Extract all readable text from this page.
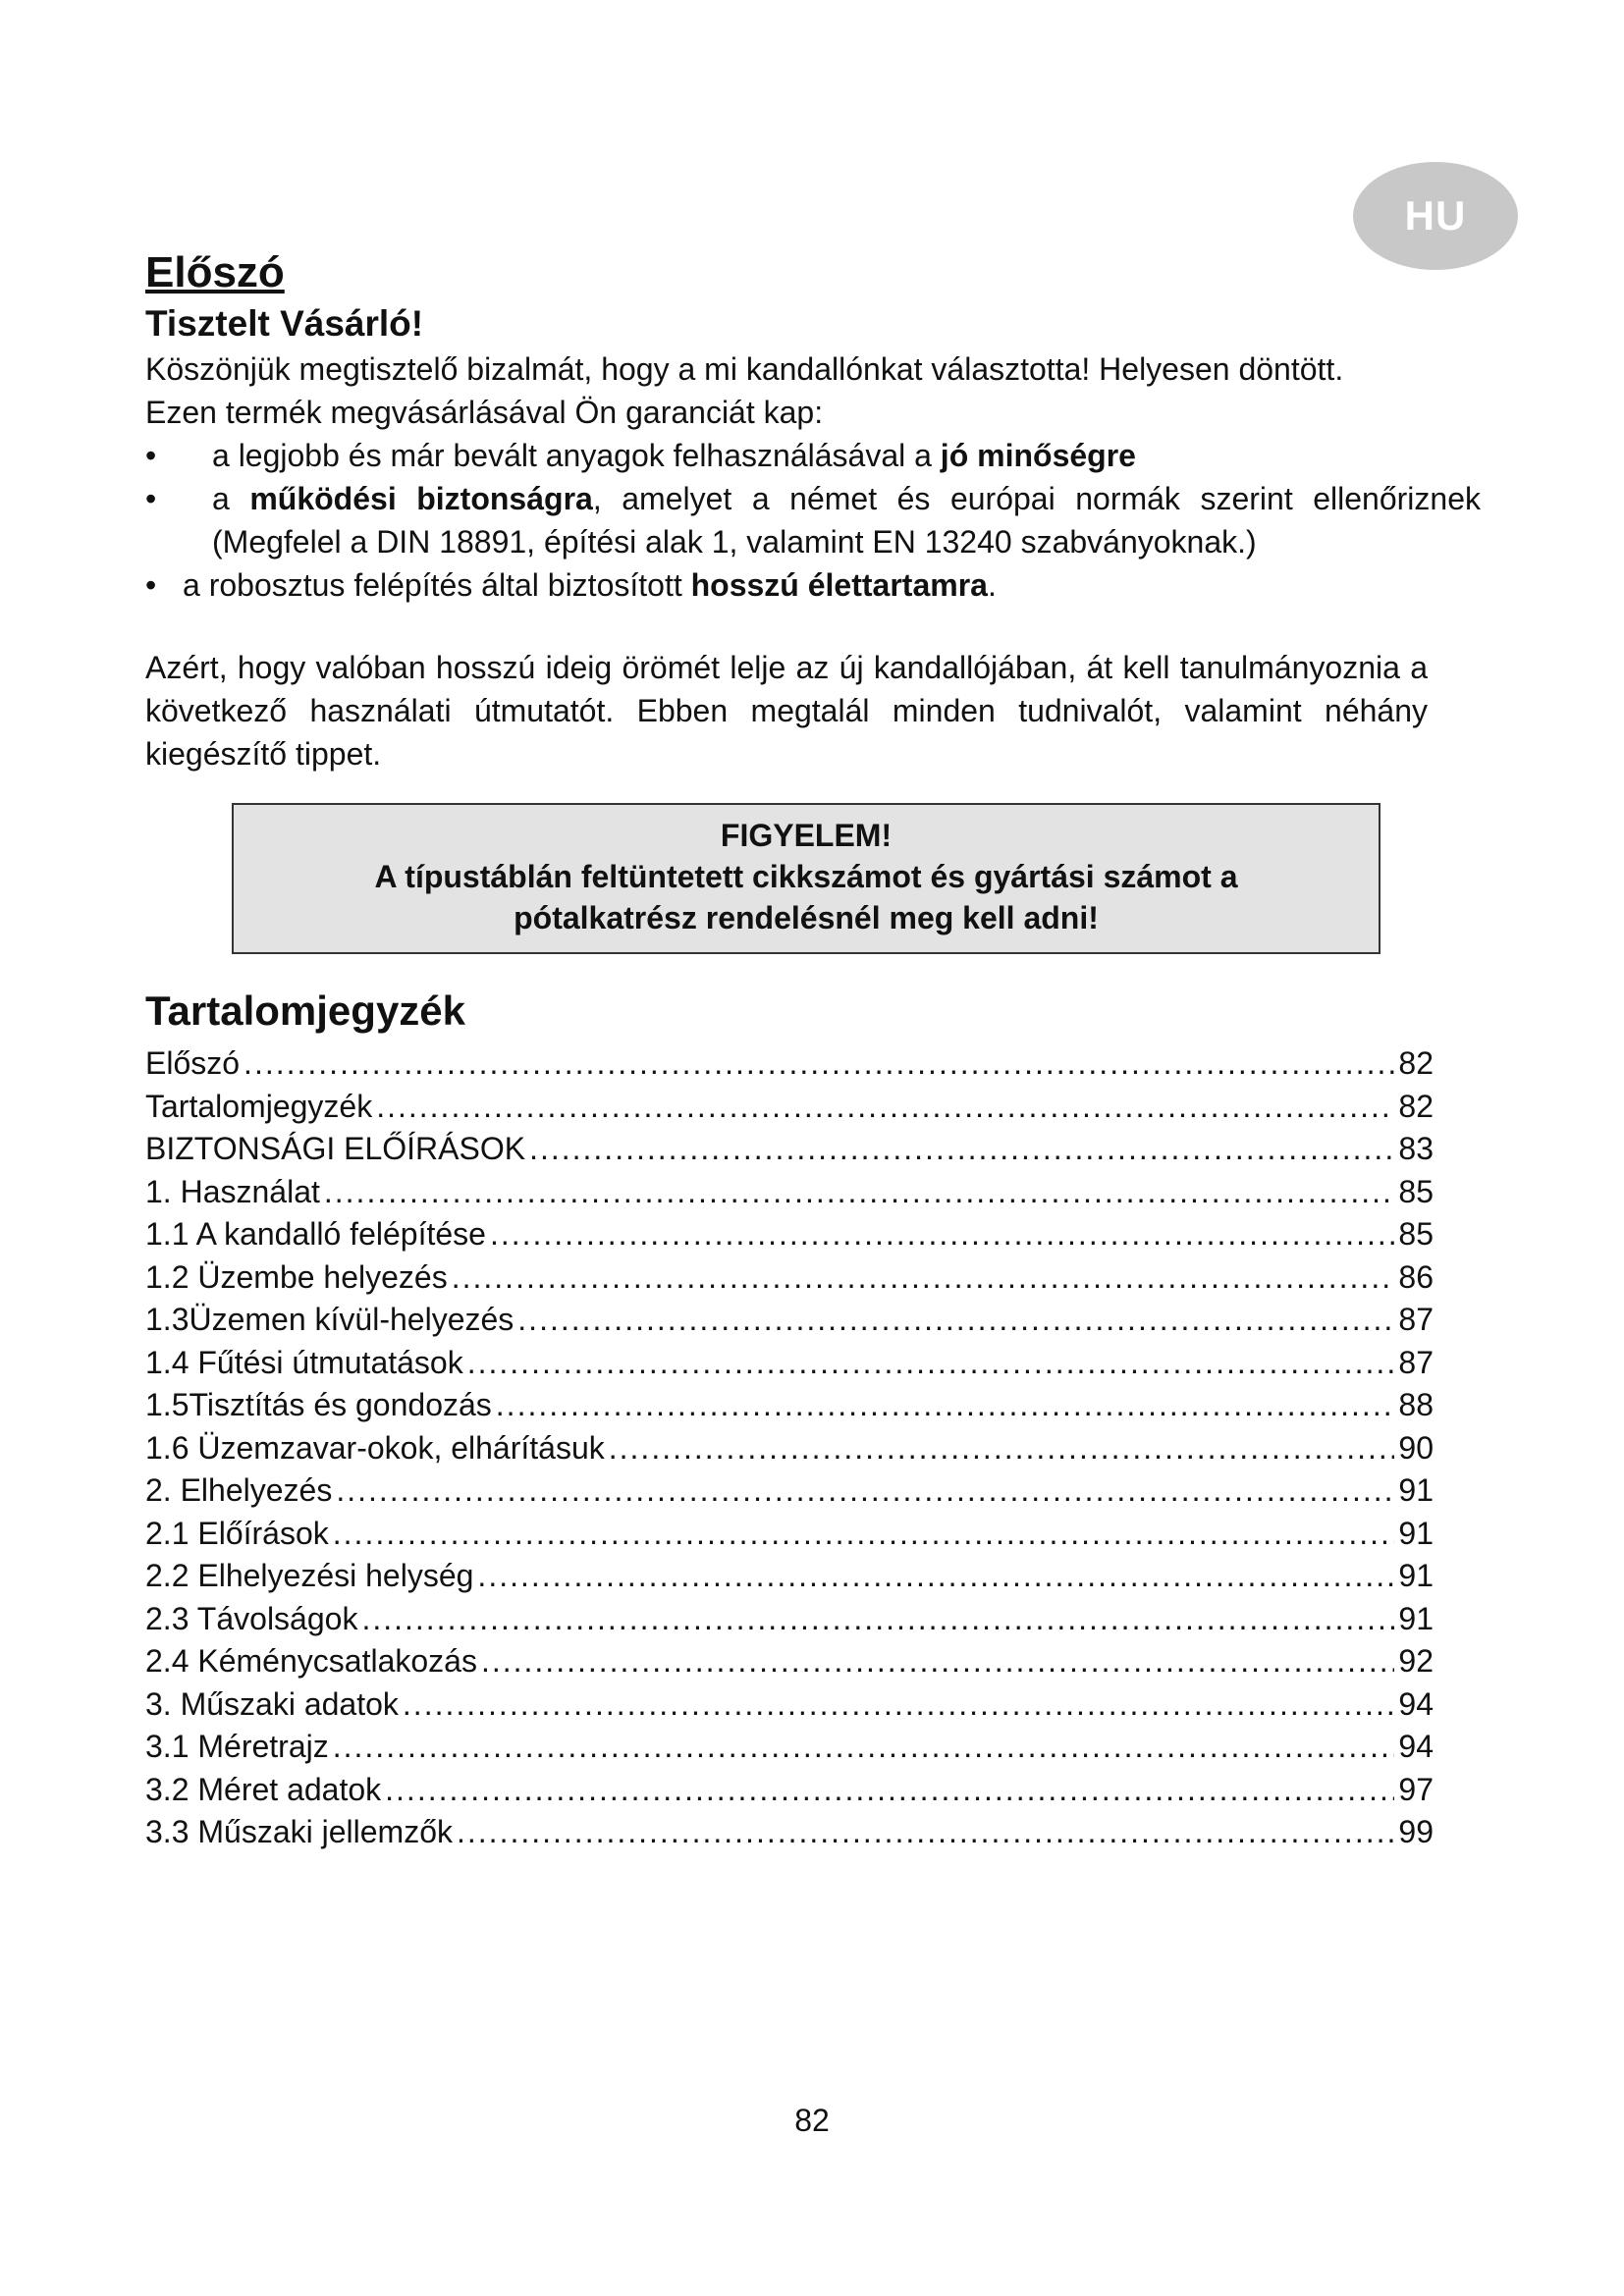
HU
Előszó
Tisztelt Vásárló!

Köszönjük megtisztelő bizalmát, hogy a mi kandallónkat választotta! Helyesen döntött.

Ezen termék megvásárlásával Ön garanciát kap:

• a legjobb és már bevált anyagok felhasználásával a jó minőségre
• a működési biztonságra, amelyet a német és európai normák szerint ellenőriznek (Megfelel a DIN 18891, építési alak 1, valamint EN 13240 szabványoknak.)
• a robosztus felépítés által biztosított hosszú élettartamra.

Azért, hogy valóban hosszú ideig örömét lelje az új kandallójában, át kell tanulmányoznia a következő használati útmutatót. Ebben megtalál minden tudnivalót, valamint néhány kiegészítő tippet.

FIGYELEM!
A típustáblán feltüntetett cikkszámot és gyártási számot a
pótalkatrész rendelésnél meg kell adni!
Tartalomjegyzék
Előszó .....	82
Tartalomjegyzék .....	82
BIZTONSÁGI ELŐÍRÁSOK .....	83
1. Használat .....	85
1.1 A kandalló felépítése .....	85
1.2 Üzembe helyezés .....	86
1.3Üzemen kívül-helyezés .....	87
1.4 Fűtési útmutatások .....	87
1.5Tisztítás és gondozás .....	88
1.6 Üzemzavar-okok, elhárításuk .....	90
2. Elhelyezés .....	91
2.1 Előírások .....	91
2.2 Elhelyezési helység .....	91
2.3 Távolságok .....	91
2.4 Kéménycsatlakozás .....	92
3. Műszaki adatok .....	94
3.1 Méretrajz .....	94
3.2 Méret adatok .....	97
3.3 Műszaki jellemzők .....	99
82
